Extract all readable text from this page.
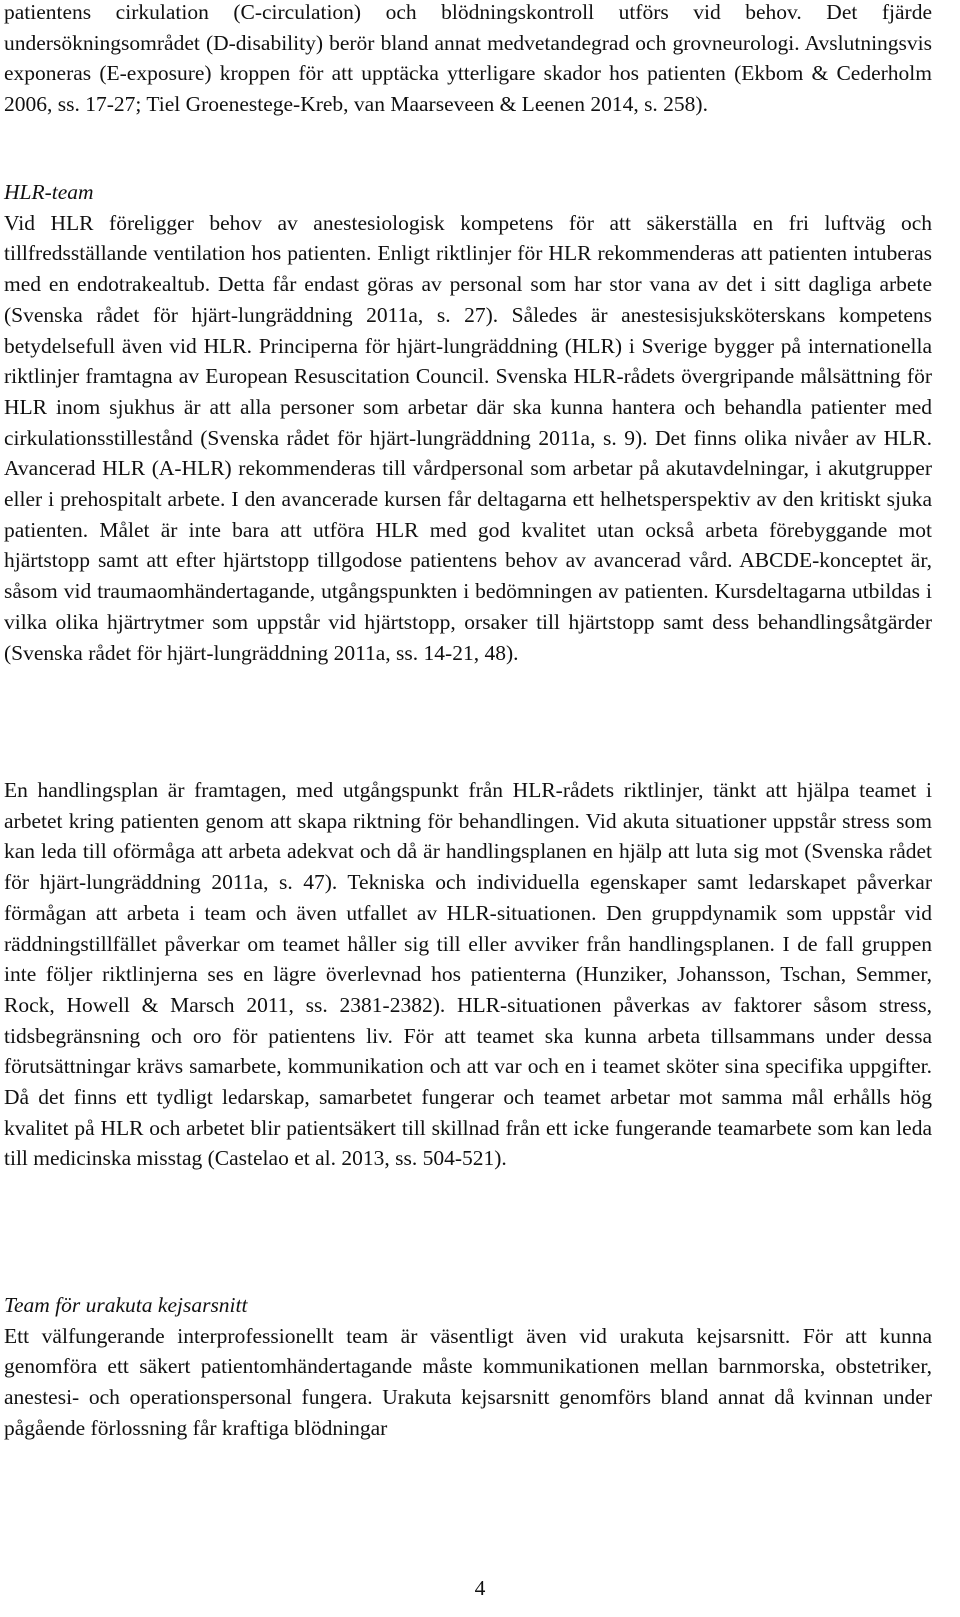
patientens cirkulation (C-circulation) och blödningskontroll utförs vid behov. Det fjärde undersökningsområdet (D-disability) berör bland annat medvetandegrad och grovneurologi. Avslutningsvis exponeras (E-exposure) kroppen för att upptäcka ytterligare skador hos patienten (Ekbom & Cederholm 2006, ss. 17-27; Tiel Groenestege-Kreb, van Maarseveen & Leenen 2014, s. 258).

HLR-team

Vid HLR föreligger behov av anestesiologisk kompetens för att säkerställa en fri luftväg och tillfredsställande ventilation hos patienten. Enligt riktlinjer för HLR rekommenderas att patienten intuberas med en endotrakealtub. Detta får endast göras av personal som har stor vana av det i sitt dagliga arbete (Svenska rådet för hjärt-lungräddning 2011a, s. 27). Således är anestesisjuksköterskans kompetens betydelsefull även vid HLR. Principerna för hjärt-lungräddning (HLR) i Sverige bygger på internationella riktlinjer framtagna av European Resuscitation Council. Svenska HLR-rådets övergripande målsättning för HLR inom sjukhus är att alla personer som arbetar där ska kunna hantera och behandla patienter med cirkulationsstillestånd (Svenska rådet för hjärt-lungräddning 2011a, s. 9). Det finns olika nivåer av HLR. Avancerad HLR (A-HLR) rekommenderas till vårdpersonal som arbetar på akutavdelningar, i akutgrupper eller i prehospitalt arbete. I den avancerade kursen får deltagarna ett helhetsperspektiv av den kritiskt sjuka patienten. Målet är inte bara att utföra HLR med god kvalitet utan också arbeta förebyggande mot hjärtstopp samt att efter hjärtstopp tillgodose patientens behov av avancerad vård. ABCDE-konceptet är, såsom vid traumaomhändertagande, utgångspunkten i bedömningen av patienten. Kursdeltagarna utbildas i vilka olika hjärtrytmer som uppstår vid hjärtstopp, orsaker till hjärtstopp samt dess behandlingsåtgärder (Svenska rådet för hjärt-lungräddning 2011a, ss. 14-21, 48).

En handlingsplan är framtagen, med utgångspunkt från HLR-rådets riktlinjer, tänkt att hjälpa teamet i arbetet kring patienten genom att skapa riktning för behandlingen. Vid akuta situationer uppstår stress som kan leda till oförmåga att arbeta adekvat och då är handlingsplanen en hjälp att luta sig mot (Svenska rådet för hjärt-lungräddning 2011a, s. 47). Tekniska och individuella egenskaper samt ledarskapet påverkar förmågan att arbeta i team och även utfallet av HLR-situationen. Den gruppdynamik som uppstår vid räddningstillfället påverkar om teamet håller sig till eller avviker från handlingsplanen. I de fall gruppen inte följer riktlinjerna ses en lägre överlevnad hos patienterna (Hunziker, Johansson, Tschan, Semmer, Rock, Howell & Marsch 2011, ss. 2381-2382). HLR-situationen påverkas av faktorer såsom stress, tidsbegränsning och oro för patientens liv. För att teamet ska kunna arbeta tillsammans under dessa förutsättningar krävs samarbete, kommunikation och att var och en i teamet sköter sina specifika uppgifter. Då det finns ett tydligt ledarskap, samarbetet fungerar och teamet arbetar mot samma mål erhålls hög kvalitet på HLR och arbetet blir patientsäkert till skillnad från ett icke fungerande teamarbete som kan leda till medicinska misstag (Castelao et al. 2013, ss. 504-521).

Team för urakuta kejsarsnitt

Ett välfungerande interprofessionellt team är väsentligt även vid urakuta kejsarsnitt. För att kunna genomföra ett säkert patientomhändertagande måste kommunikationen mellan barnmorska, obstetriker, anestesi- och operationspersonal fungera. Urakuta kejsarsnitt genomförs bland annat då kvinnan under pågående förlossning får kraftiga blödningar

4
